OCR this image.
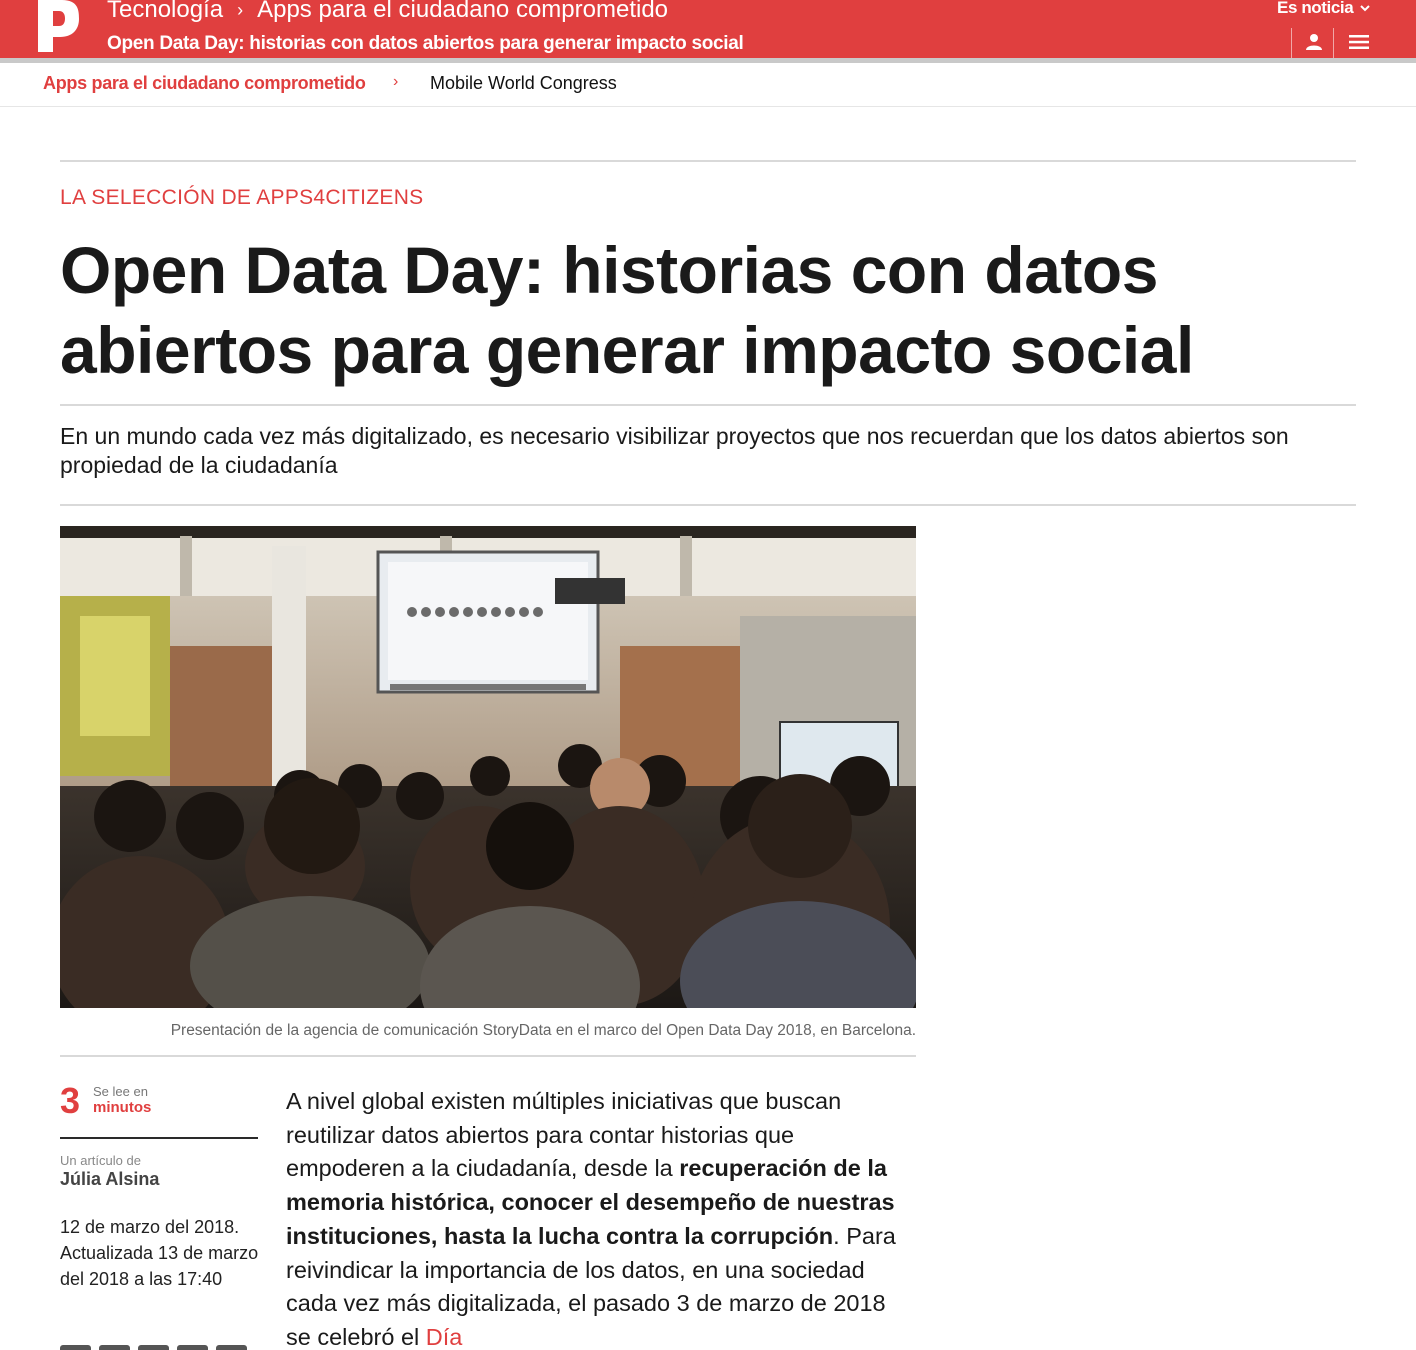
Tecnología › Apps para el ciudadano comprometido
Open Data Day: historias con datos abiertos para generar impacto social
Es noticia
Apps para el ciudadano comprometido › Mobile World Congress
LA SELECCIÓN DE APPS4CITIZENS
Open Data Day: historias con datos abiertos para generar impacto social

En un mundo cada vez más digitalizado, es necesario visibilizar proyectos que nos recuerdan que los datos abiertos son propiedad de la ciudadanía

Presentación de la agencia de comunicación StoryData en el marco del Open Data Day 2018, en Barcelona.

3 Se lee en
minutos
Un artículo de
Júlia Alsina

12 de marzo del 2018. Actualizada 13 de marzo del 2018 a las 17:40

A nivel global existen múltiples iniciativas que buscan reutilizar datos abiertos para contar historias que empoderen a la ciudadanía, desde la recuperación de la memoria histórica, conocer el desempeño de nuestras instituciones, hasta la lucha contra la corrupción. Para reivindicar la importancia de los datos, en una sociedad cada vez más digitalizada, el pasado 3 de marzo de 2018 se celebró el Día
